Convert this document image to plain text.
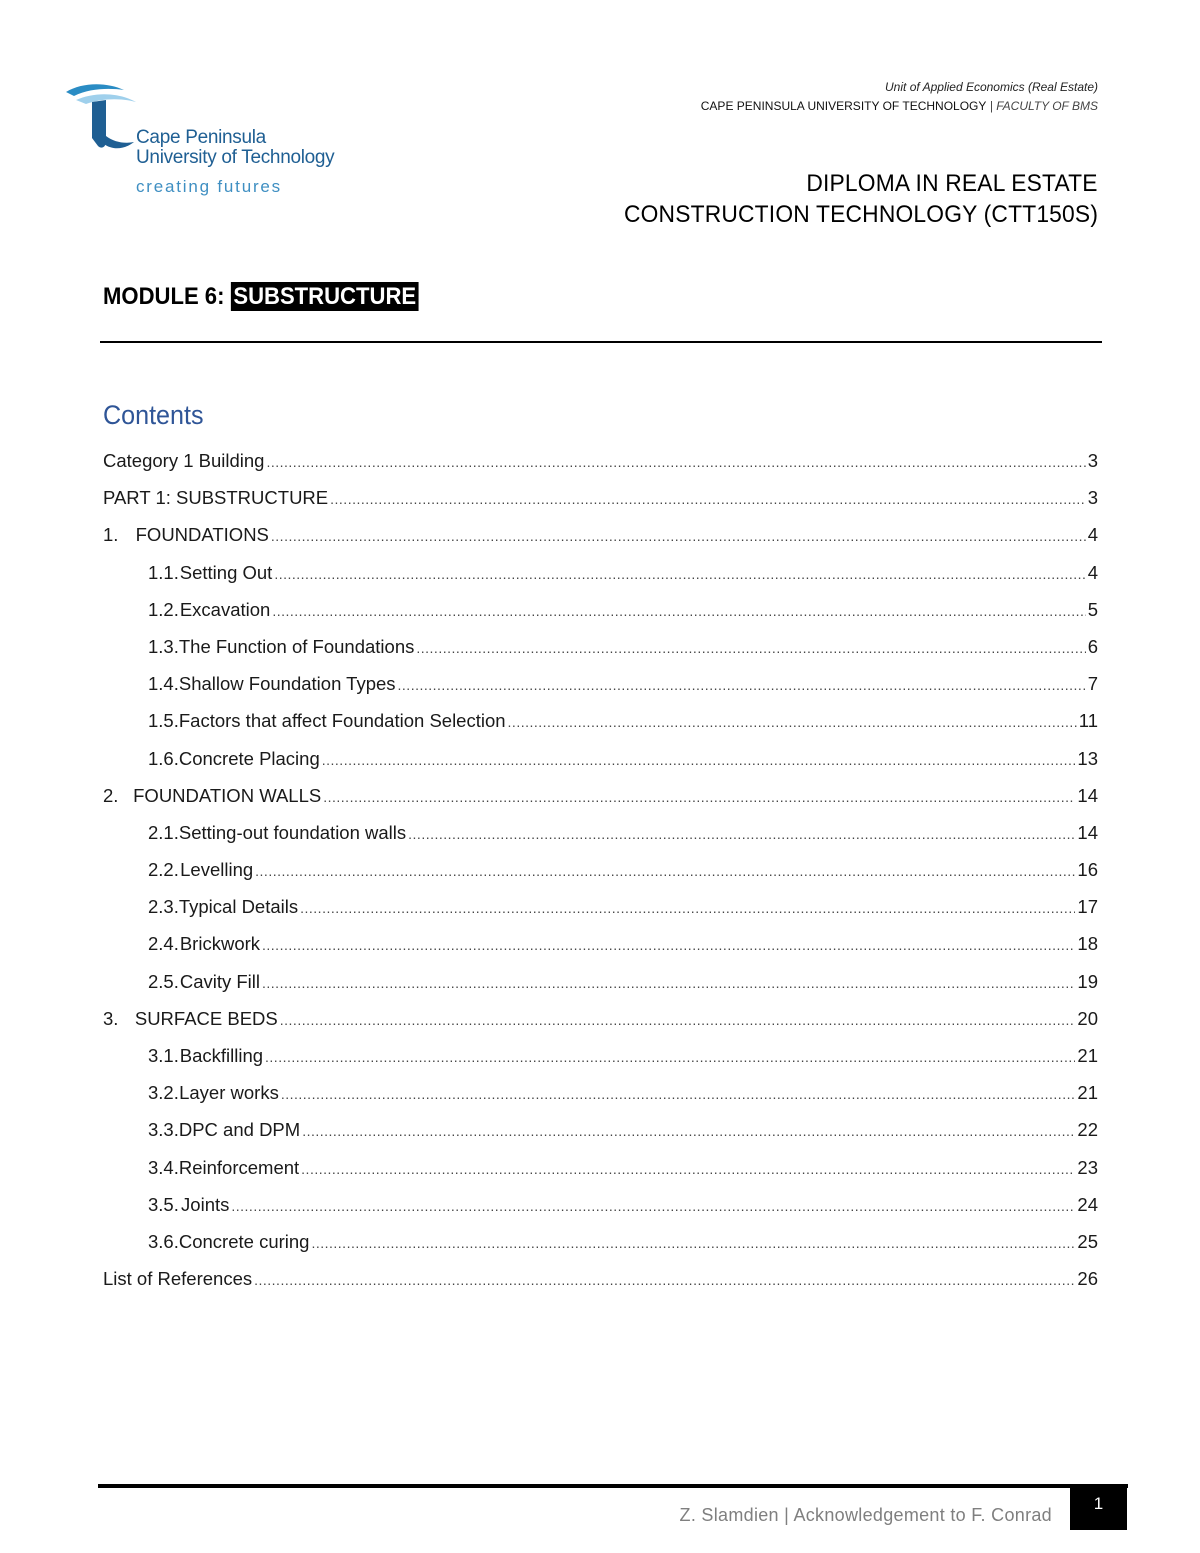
Cape Peninsula
University of Technology
creating futures
Unit of Applied Economics (Real Estate)
CAPE PENINSULA UNIVERSITY OF TECHNOLOGY | FACULTY OF BMS
DIPLOMA IN REAL ESTATE
CONSTRUCTION TECHNOLOGY (CTT150S)
MODULE 6: SUBSTRUCTURE
Contents
Category 1 Building .....	3
PART 1: SUBSTRUCTURE .....	3
1. FOUNDATIONS .....	4
1.1. Setting Out .....	4
1.2. Excavation .....	5
1.3. The Function of Foundations .....	6
1.4. Shallow Foundation Types .....	7
1.5. Factors that affect Foundation Selection .....	11
1.6. Concrete Placing .....	13
2. FOUNDATION WALLS .....	14
2.1. Setting-out foundation walls .....	14
2.2. Levelling .....	16
2.3. Typical Details .....	17
2.4. Brickwork .....	18
2.5. Cavity Fill .....	19
3. SURFACE BEDS .....	20
3.1. Backfilling .....	21
3.2. Layer works .....	21
3.3. DPC and DPM .....	22
3.4. Reinforcement .....	23
3.5. Joints .....	24
3.6. Concrete curing .....	25
List of References .....	26
Z. Slamdien | Acknowledgement to F. Conrad
1
